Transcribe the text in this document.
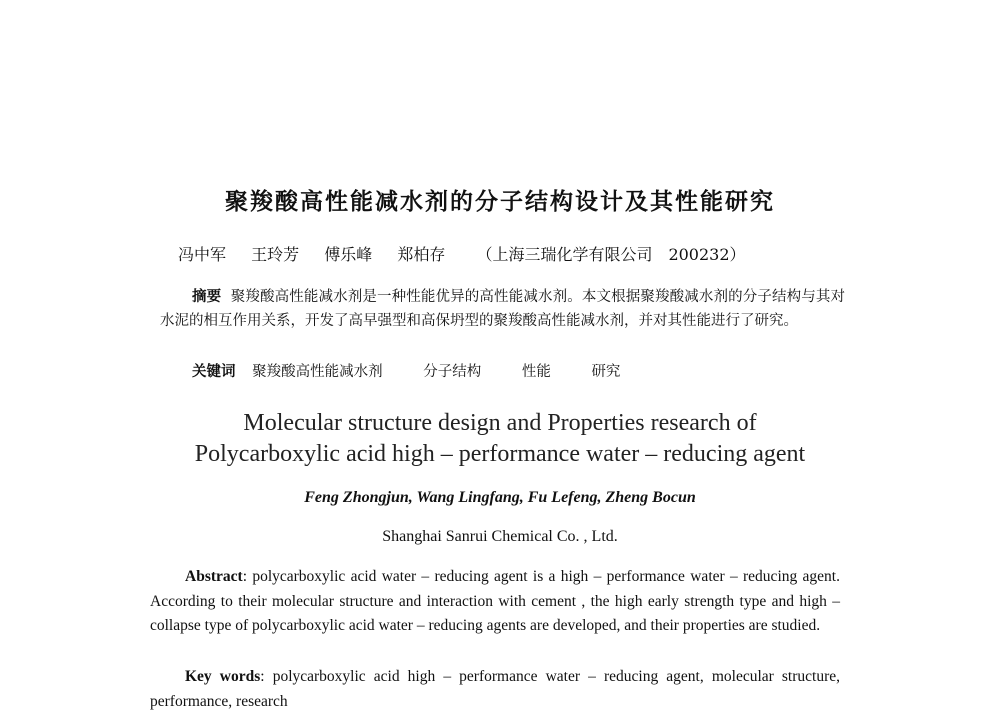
聚羧酸高性能减水剂的分子结构设计及其性能研究
冯中军 王玲芳 傅乐峰 郑柏存 （上海三瑞化学有限公司　200232）
摘要 聚羧酸高性能减水剂是一种性能优异的高性能减水剂。本文根据聚羧酸减水剂的分子结构与其对水泥的相互作用关系，开发了高早强型和高保坍型的聚羧酸高性能减水剂，并对其性能进行了研究。
关键词 聚羧酸高性能减水剂	分子结构	性能	研究
Molecular structure design and Properties research of
Polycarboxylic acid high – performance water – reducing agent
Feng Zhongjun, Wang Lingfang, Fu Lefeng, Zheng Bocun
Shanghai Sanrui Chemical Co. , Ltd.
Abstract: polycarboxylic acid water – reducing agent is a high – performance water – reducing agent. According to their molecular structure and interaction with cement , the high early strength type and high – collapse type of polycarboxylic acid water – reducing agents are developed, and their properties are studied.
Key words: polycarboxylic acid high – performance water – reducing agent, molecular structure, performance, research
